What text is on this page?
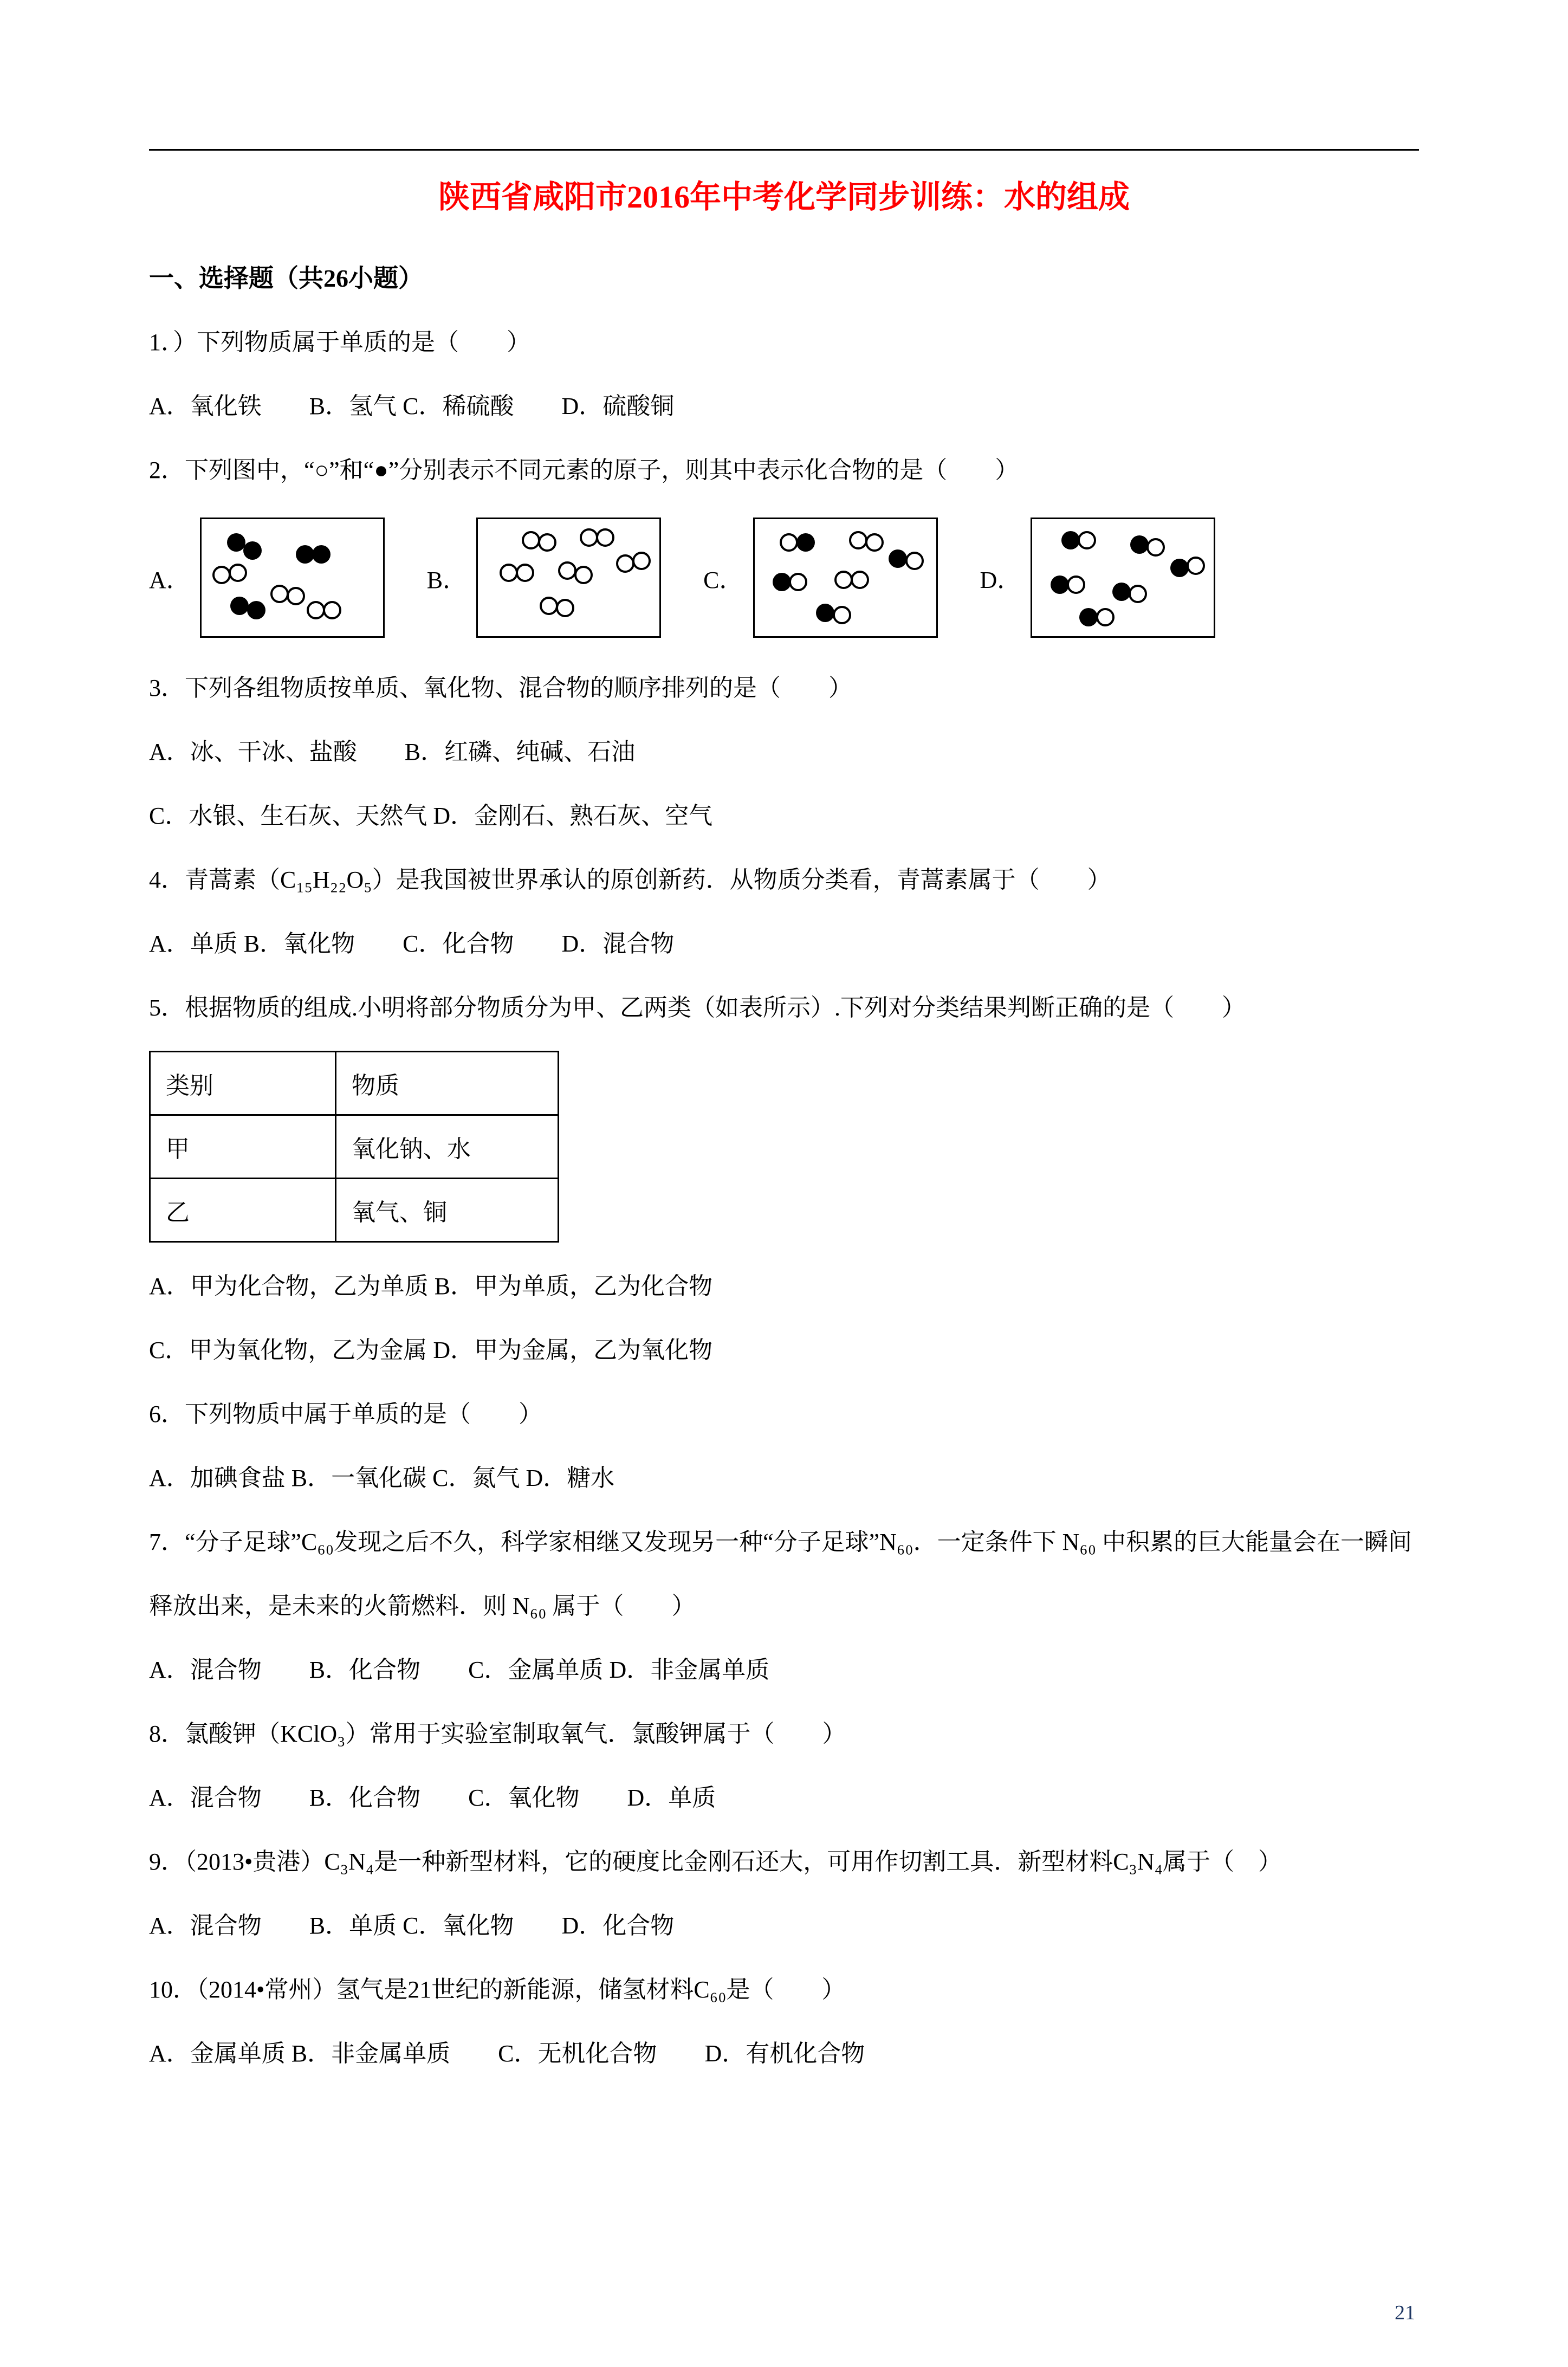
陕西省咸阳市2016年中考化学同步训练：水的组成
一、选择题（共26小题）

1．）下列物质属于单质的是（　　）

A．氧化铁　　B．氢气 C．稀硫酸　　D．硫酸铜

2．下列图中，“○”和“●”分别表示不同元素的原子，则其中表示化合物的是（　　）

A．	B．	C．	D．

3．下列各组物质按单质、氧化物、混合物的顺序排列的是（　　）

A．冰、干冰、盐酸　　B．红磷、纯碱、石油

C．水银、生石灰、天然气 D．金刚石、熟石灰、空气

4．青蒿素（C₁₅H₂₂O₅）是我国被世界承认的原创新药．从物质分类看，青蒿素属于（　　）

A．单质 B．氧化物　　C．化合物　　D．混合物

5．根据物质的组成.小明将部分物质分为甲、乙两类（如表所示）.下列对分类结果判断正确的是（　　）

类别	物质
甲	氧化钠、水
乙	氧气、铜

A．甲为化合物，乙为单质 B．甲为单质，乙为化合物

C．甲为氧化物，乙为金属 D．甲为金属，乙为氧化物

6．下列物质中属于单质的是（　　）

A．加碘食盐 B．一氧化碳 C．氮气 D．糖水

7．“分子足球”C₆₀发现之后不久，科学家相继又发现另一种“分子足球”N₆₀．一定条件下 N₆₀ 中积累的巨大能量会在一瞬间释放出来，是未来的火箭燃料．则 N₆₀ 属于（　　）

A．混合物　　B．化合物　　C．金属单质 D．非金属单质

8．氯酸钾（KClO₃）常用于实验室制取氧气．氯酸钾属于（　　）

A．混合物　　B．化合物　　C．氧化物　　D．单质

9．（2013•贵港）C₃N₄是一种新型材料，它的硬度比金刚石还大，可用作切割工具．新型材料C₃N₄属于（　）

A．混合物　　B．单质 C．氧化物　　D．化合物

10．（2014•常州）氢气是21世纪的新能源，储氢材料C₆₀是（　　）

A．金属单质 B．非金属单质　　C．无机化合物　　D．有机化合物

21
